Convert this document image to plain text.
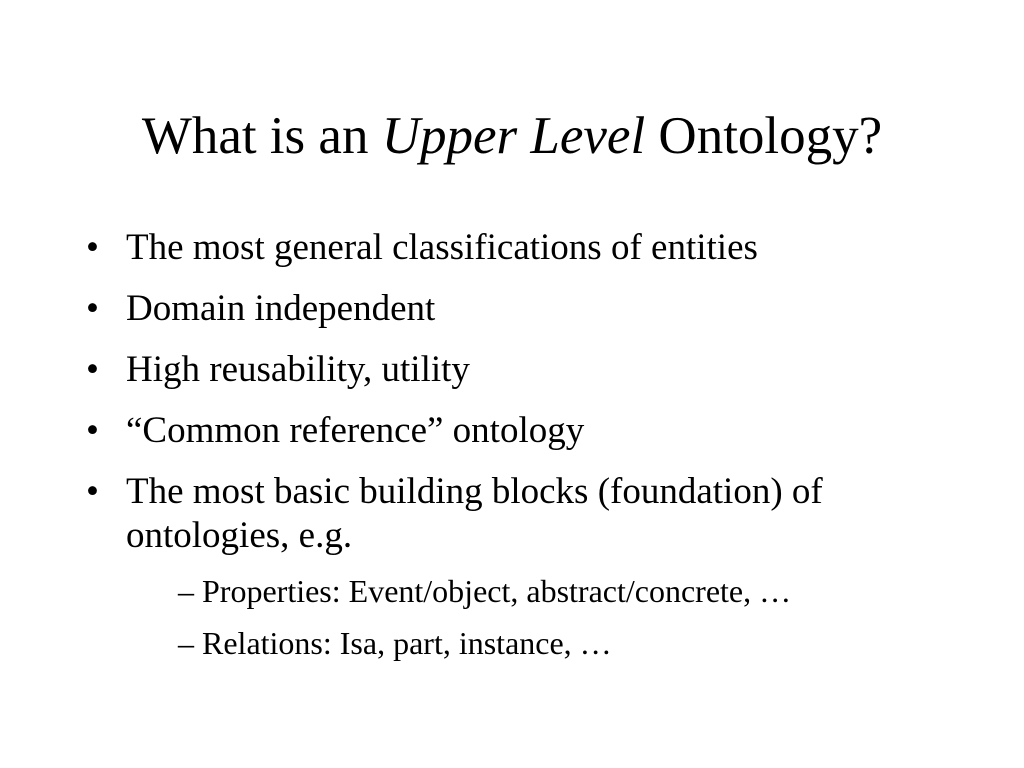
What is an Upper Level Ontology?
• The most general classifications of entities
• Domain independent
• High reusability, utility
• “Common reference” ontology
• The most basic building blocks (foundation) of ontologies, e.g.
– Properties: Event/object, abstract/concrete, …
– Relations: Isa, part, instance, …
